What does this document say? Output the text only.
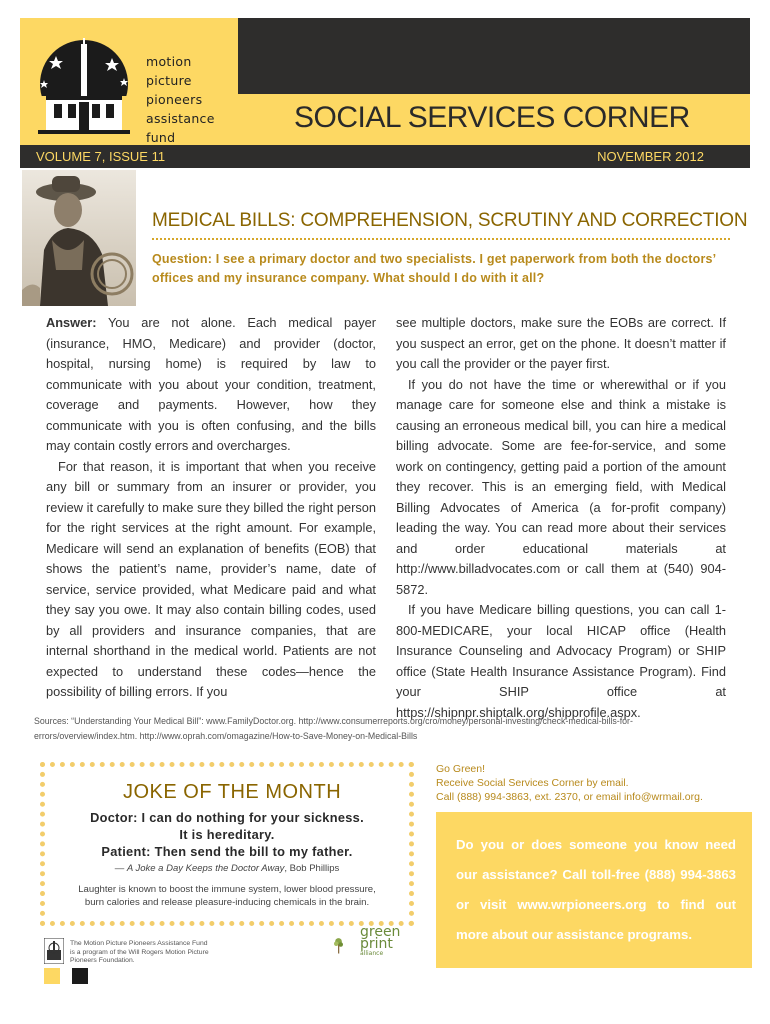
motion picture
pioneers
assistance
fund
SOCIAL SERVICES CORNER
VOLUME 7, ISSUE 11	NOVEMBER 2012
MEDICAL BILLS: COMPREHENSION, SCRUTINY AND CORRECTION
Question: I see a primary doctor and two specialists. I get paperwork from both the doctors’ offices and my insurance company. What should I do with it all?

Answer: You are not alone. Each medical payer (insurance, HMO, Medicare) and provider (doctor, hospital, nursing home) is required by law to communicate with you about your condition, treatment, coverage and payments. However, how they communicate with you is often confusing, and the bills may contain costly errors and overcharges.

For that reason, it is important that when you receive any bill or summary from an insurer or provider, you review it carefully to make sure they billed the right person for the right services at the right amount. For example, Medicare will send an explanation of benefits (EOB) that shows the patient’s name, provider’s name, date of service, service provided, what Medicare paid and what they say you owe. It may also contain billing codes, used by all providers and insurance companies, that are internal shorthand in the medical world. Patients are not expected to understand these codes—hence the possibility of billing errors. If you

see multiple doctors, make sure the EOBs are correct. If you suspect an error, get on the phone. It doesn’t matter if you call the provider or the payer first.

If you do not have the time or wherewithal or if you manage care for someone else and think a mistake is causing an erroneous medical bill, you can hire a medical billing advocate. Some are fee-for-service, and some work on contingency, getting paid a portion of the amount they recover. This is an emerging field, with Medical Billing Advocates of America (a for-profit company) leading the way. You can read more about their services and order educational materials at http://www.billadvocates.com or call them at (540) 904-5872.

If you have Medicare billing questions, you can call 1-800-MEDICARE, your local HICAP office (Health Insurance Counseling and Advocacy Program) or SHIP office (State Health Insurance Assistance Program). Find your SHIP office at https://shipnpr.shiptalk.org/shipprofile.aspx.

Sources: “Understanding Your Medical Bill”: www.FamilyDoctor.org. http://www.consumerreports.org/cro/money/personal-investing/check-medical-bills-for-errors/overview/index.htm. http://www.oprah.com/omagazine/How-to-Save-Money-on-Medical-Bills
JOKE OF THE MONTH
Doctor: I can do nothing for your sickness.
It is hereditary.
Patient: Then send the bill to my father.
— A Joke a Day Keeps the Doctor Away, Bob Phillips
Laughter is known to boost the immune system, lower blood pressure,
burn calories and release pleasure-inducing chemicals in the brain.
Go Green!
Receive Social Services Corner by email.
Call (888) 994-3863, ext. 2370, or email info@wrmail.org.
Do you or does someone you know need our assistance? Call toll-free (888) 994-3863 or visit www.wrpioneers.org to find out more about our assistance programs.
The Motion Picture Pioneers Assistance Fund
is a program of the Will Rogers Motion Picture
Pioneers Foundation.
green
print
alliance
